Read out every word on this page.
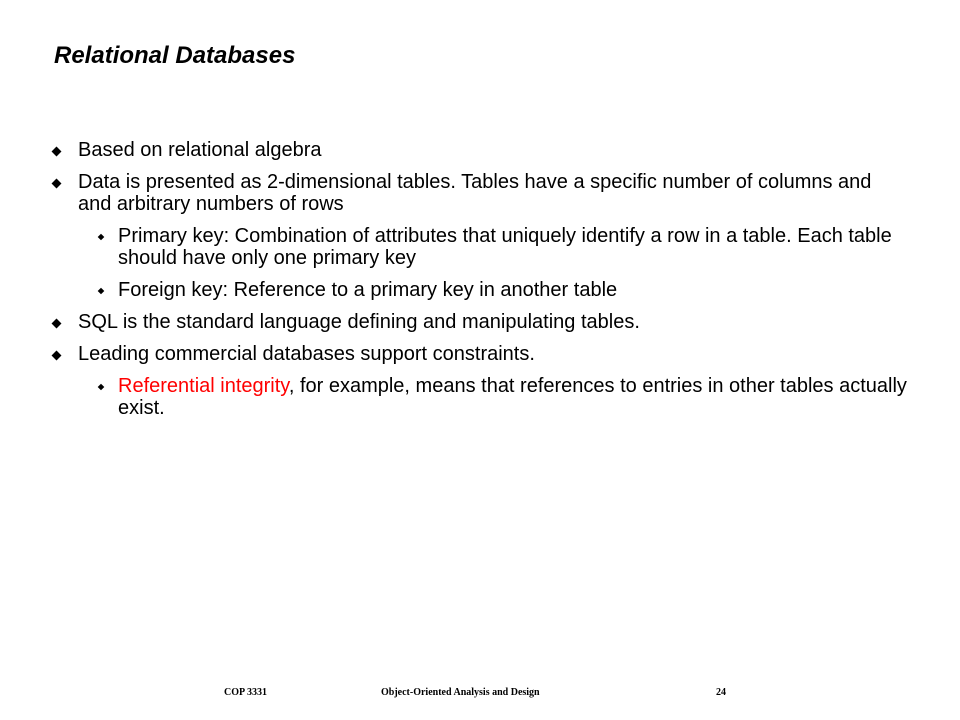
Relational Databases
Based on relational algebra
Data is presented as 2-dimensional tables. Tables have a specific number of columns and and arbitrary numbers of rows
Primary key: Combination of attributes that uniquely identify a row in a table. Each table should have only one primary key
Foreign key: Reference to a primary key in another table
SQL is the standard language defining and manipulating tables.
Leading commercial databases support constraints.
Referential integrity, for example, means that references to entries in other tables actually exist.
COP 3331	Object-Oriented Analysis and Design	24
